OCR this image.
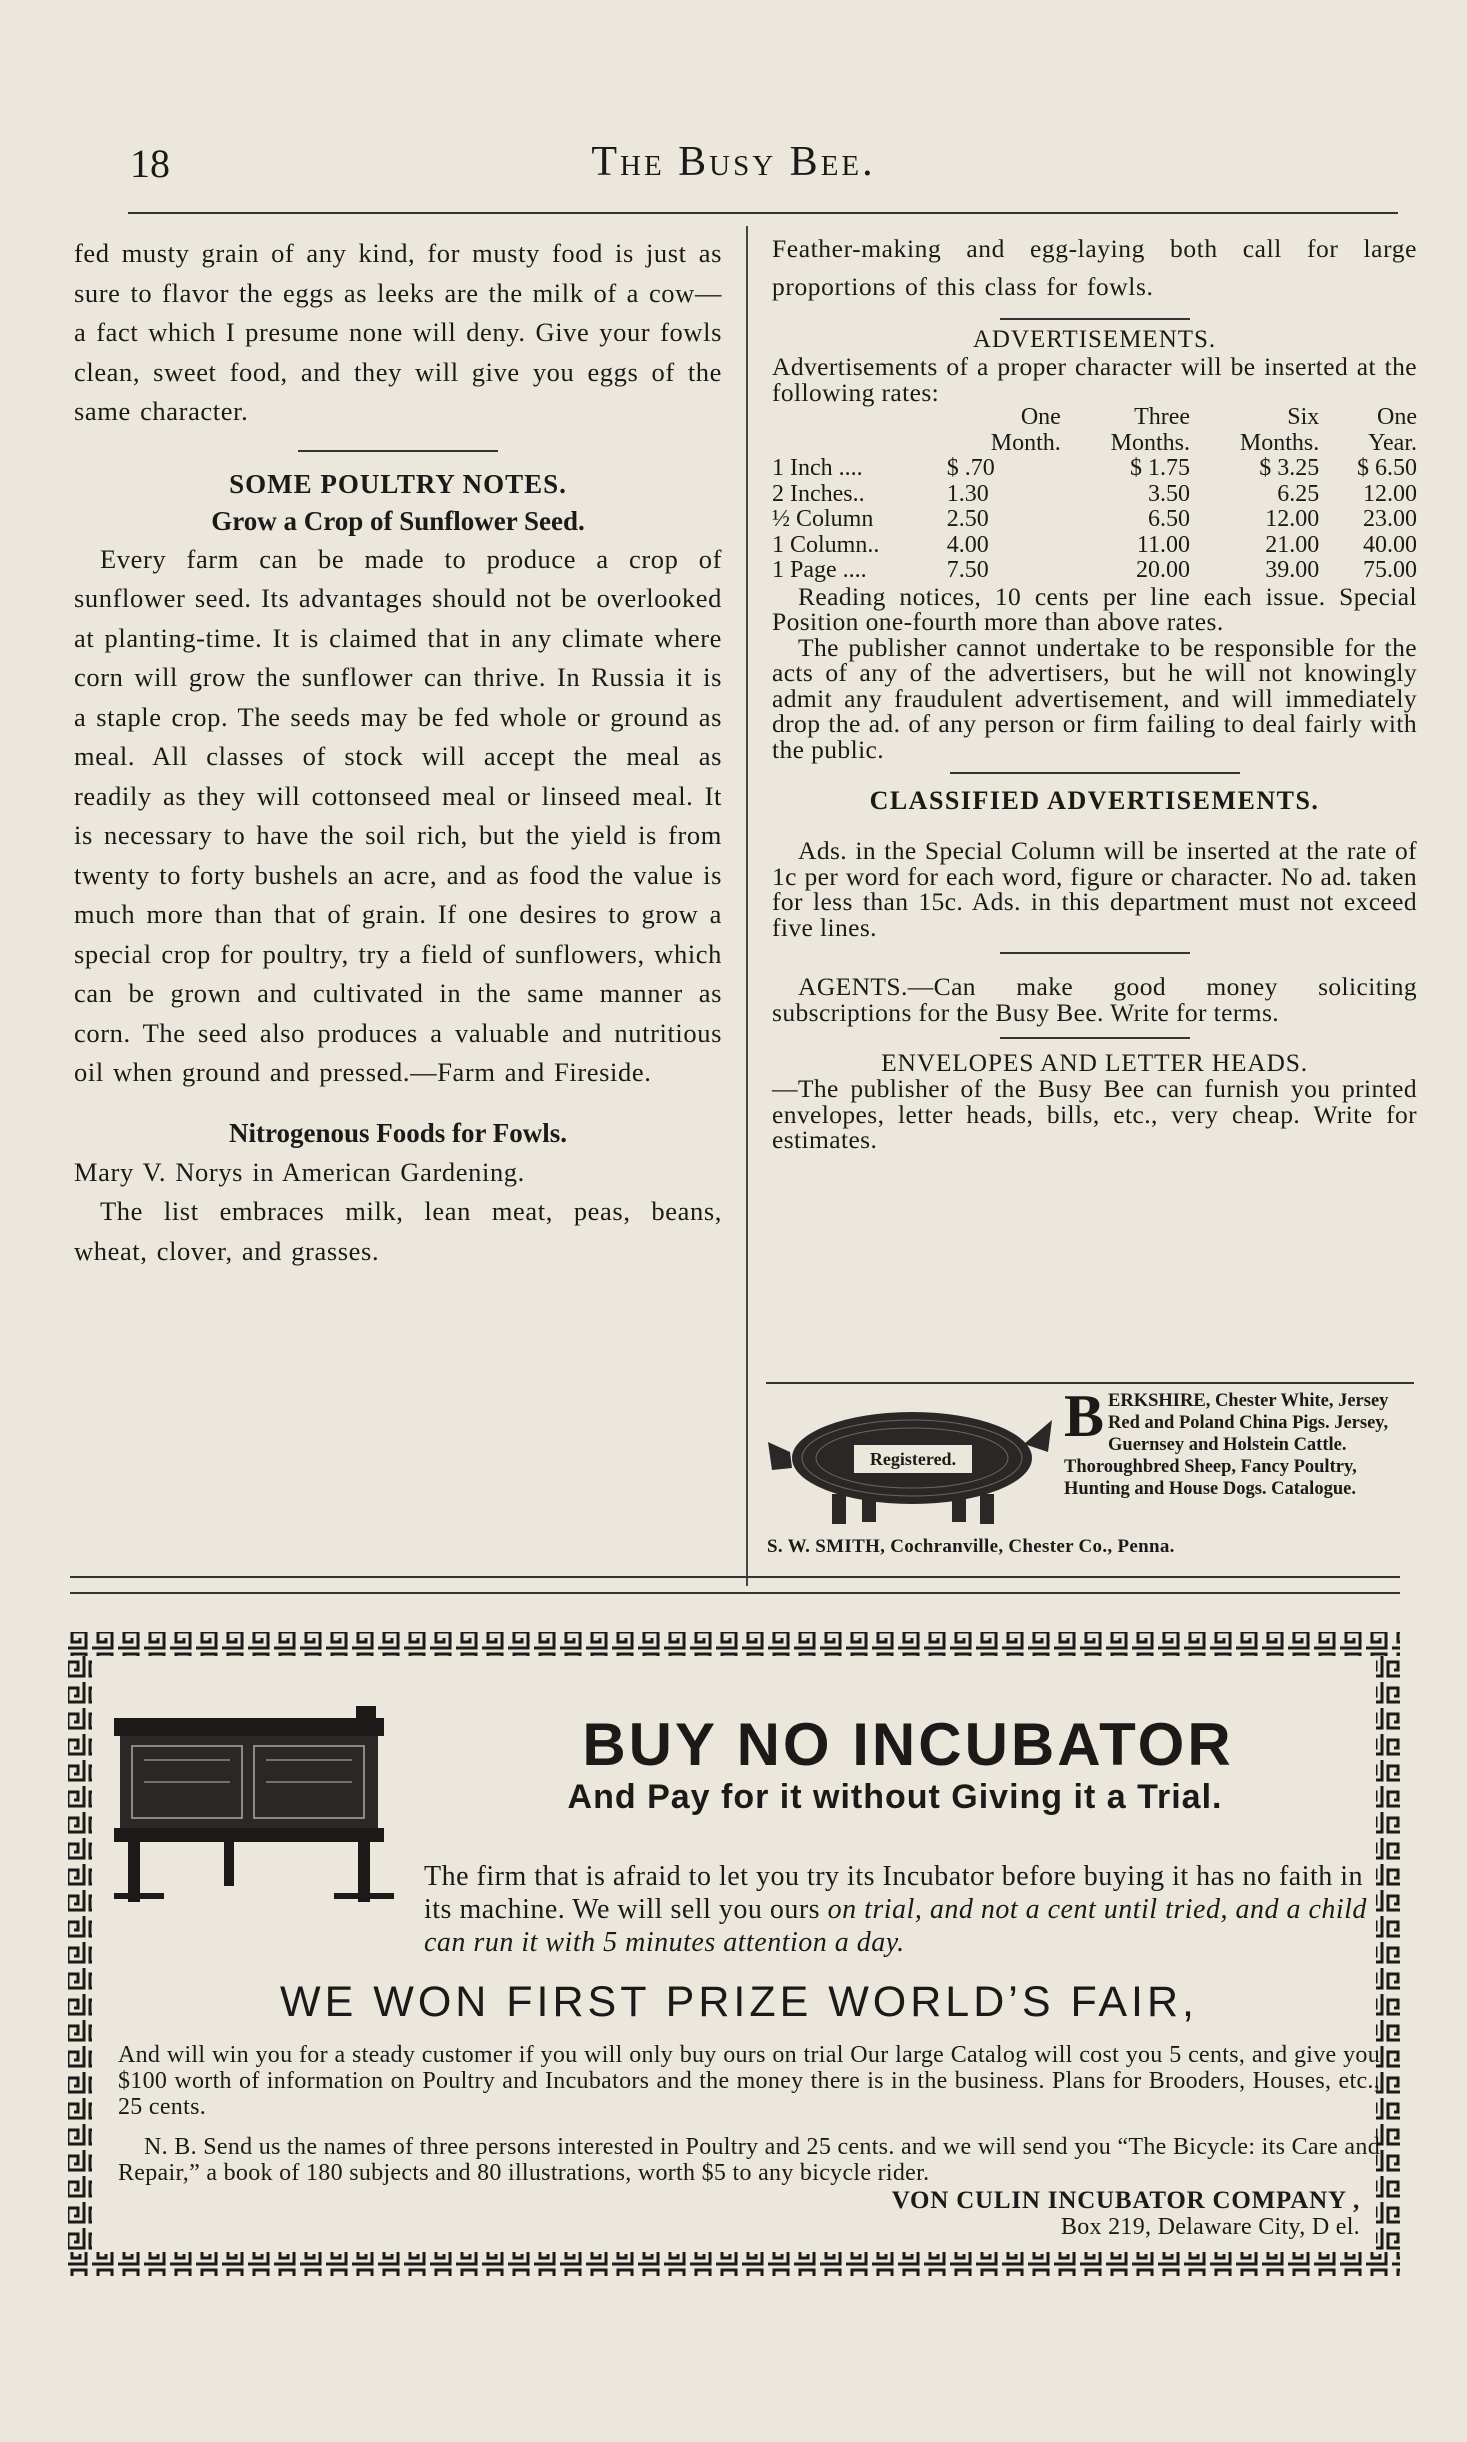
18	The Busy Bee.

fed musty grain of any kind, for musty food is just as sure to flavor the eggs as leeks are the milk of a cow—a fact which I presume none will deny. Give your fowls clean, sweet food, and they will give you eggs of the same character.

SOME POULTRY NOTES.
Grow a Crop of Sunflower Seed.

Every farm can be made to produce a crop of sunflower seed. Its advantages should not be overlooked at planting-time. It is claimed that in any climate where corn will grow the sunflower can thrive. In Russia it is a staple crop. The seeds may be fed whole or ground as meal. All classes of stock will accept the meal as readily as they will cottonseed meal or linseed meal. It is necessary to have the soil rich, but the yield is from twenty to forty bushels an acre, and as food the value is much more than that of grain. If one desires to grow a special crop for poultry, try a field of sunflowers, which can be grown and cultivated in the same manner as corn. The seed also produces a valuable and nutritious oil when ground and pressed.—Farm and Fireside.

Nitrogenous Foods for Fowls.

Mary V. Norys in American Gardening.

The list embraces milk, lean meat, peas, beans, wheat, clover, and grasses.

Feather-making and egg-laying both call for large proportions of this class for fowls.

ADVERTISEMENTS.

Advertisements of a proper character will be inserted at the following rates:

	One	Three	Six	One
	Month.	Months.	Months.	Year.
1 Inch ....	$ .70	$ 1.75	$ 3.25	$ 6.50
2 Inches..	1.30	3.50	6.25	12.00
½ Column	2.50	6.50	12.00	23.00
1 Column..	4.00	11.00	21.00	40.00
1 Page ....	7.50	20.00	39.00	75.00

Reading notices, 10 cents per line each issue. Special Position one-fourth more than above rates.

The publisher cannot undertake to be responsible for the acts of any of the advertisers, but he will not knowingly admit any fraudulent advertisement, and will immediately drop the ad. of any person or firm failing to deal fairly with the public.

CLASSIFIED ADVERTISEMENTS.

Ads. in the Special Column will be inserted at the rate of 1c per word for each word, figure or character. No ad. taken for less than 15c. Ads. in this department must not exceed five lines.

AGENTS.—Can make good money soliciting subscriptions for the Busy Bee. Write for terms.

ENVELOPES AND LETTER HEADS.

—The publisher of the Busy Bee can furnish you printed envelopes, letter heads, bills, etc., very cheap. Write for estimates.

Registered.
B ERKSHIRE, Chester White, Jersey Red and Poland China Pigs. Jersey, Guernsey and Holstein Cattle. Thoroughbred Sheep, Fancy Poultry, Hunting and House Dogs. Catalogue.
S. W. SMITH, Cochranville, Chester Co., Penna.
BUY NO INCUBATOR
And Pay for it without Giving it a Trial.
The firm that is afraid to let you try its Incubator before buying it has no faith in its machine. We will sell you ours on trial, and not a cent until tried, and a child can run it with 5 minutes attention a day.
WE WON FIRST PRIZE WORLD’S FAIR,

And will win you for a steady customer if you will only buy ours on trial Our large Catalog will cost you 5 cents, and give you $100 worth of information on Poultry and Incubators and the money there is in the business. Plans for Brooders, Houses, etc., 25 cents.

N. B. Send us the names of three persons interested in Poultry and 25 cents. and we will send you “The Bicycle: its Care and Repair,” a book of 180 subjects and 80 illustrations, worth $5 to any bicycle rider.

VON CULIN INCUBATOR COMPANY ,
Box 219, Delaware City, D el.
